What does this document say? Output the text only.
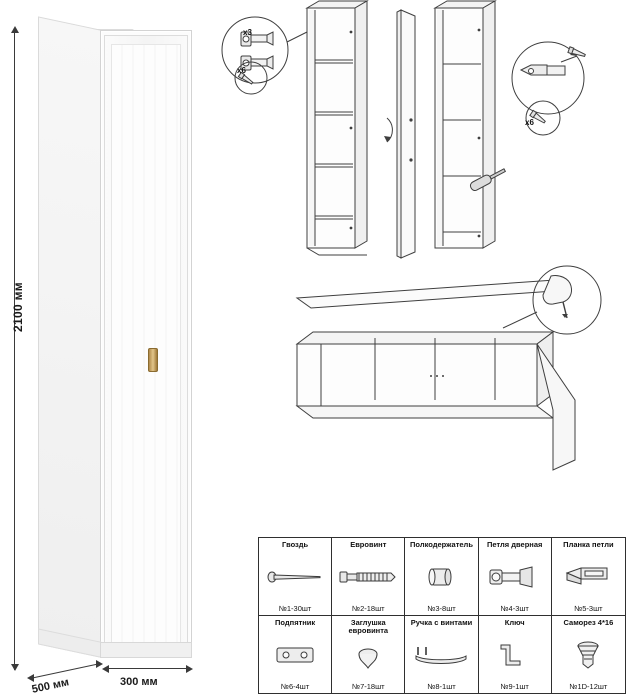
2100 мм
500 мм	300 мм
x3
x6
x6
Гвоздь
№1-30шт
Евровинт
№2-18шт
Полкодержатель
№3-8шт
Петля дверная
№4-3шт
Планка петли
№5-3шт
Подпятник
№6-4шт
Заглушка евровинта
№7-18шт
Ручка с винтами
№8-1шт
Ключ
№9-1шт
Саморез 4*16
№1D-12шт
